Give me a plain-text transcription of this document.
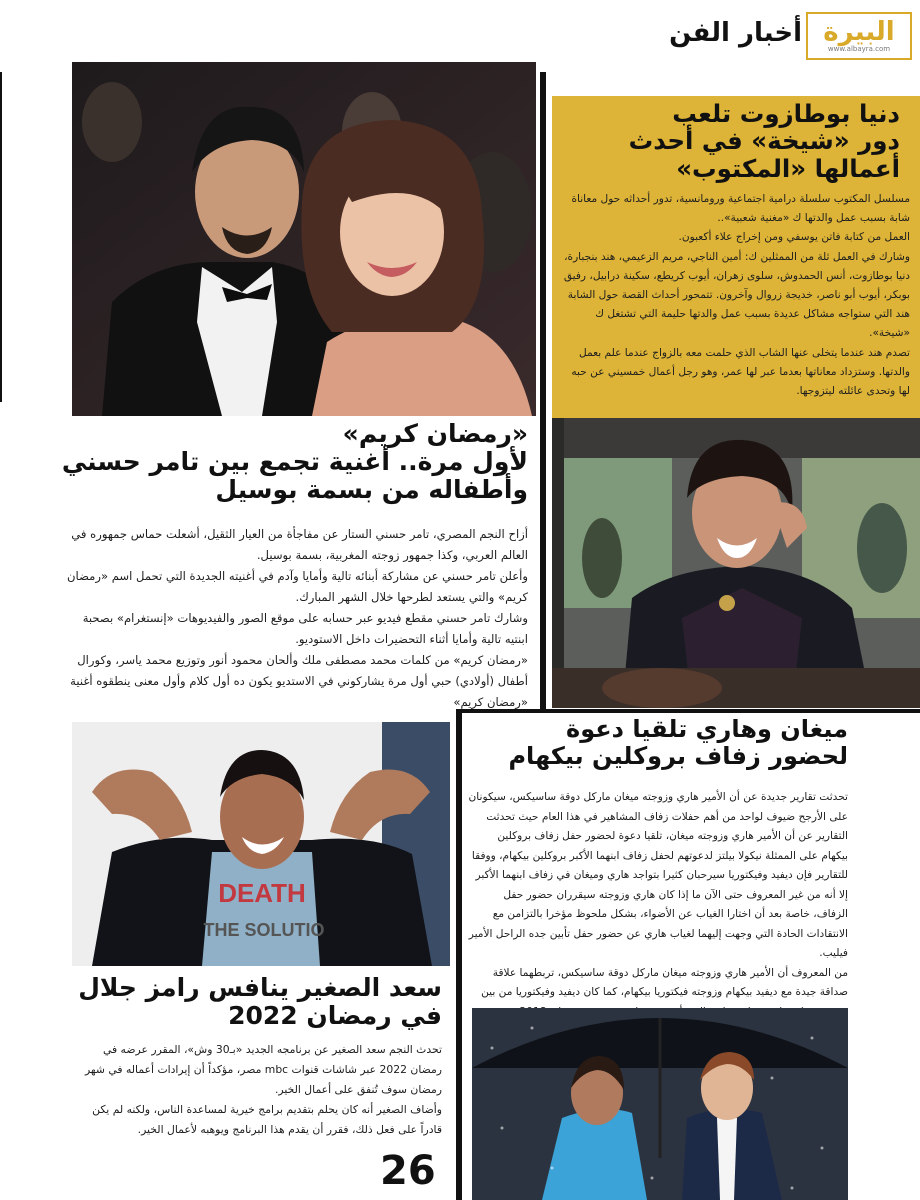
البيرة
www.albayra.com
أخبار الفن
دنيا بوطازوت تلعب
دور «شيخة» في أحدث
أعمالها «المكتوب»

مسلسل المكتوب سلسلة درامية اجتماعية ورومانسية، تدور أحداثه حول معاناة شابة بسبب عمل والدتها ك «مغنية شعبية»..

العمل من كتابة فاتن يوسفي ومن إخراج علاء أكعبون.

وشارك في العمل ثلة من الممثلين ك: أمين الناجي، مريم الزعيمي، هند بنجبارة، دنيا بوطازوت، أنس الحمدوش، سلوى زهران، أيوب كريطع، سكينة درابيل، رفيق بوبكر، أيوب أبو ناصر، خديجة زروال وآخرون. تتمحور أحداث القصة حول الشابة هند التي ستواجه مشاكل عديدة بسبب عمل والدتها حليمة التي تشتغل ك «شيخة».

تصدم هند عندما يتخلى عنها الشاب الذي حلمت معه بالزواج عندما علم بعمل والدتها. وستزداد معاناتها بعدما عبر لها عمر، وهو رجل أعمال خمسيني عن حبه لها وتحدى عائلته ليتزوجها.

«رمضان كريم»
لأول مرة.. أغنية تجمع بين تامر حسني
وأطفاله من بسمة بوسيل

أزاح النجم المصري، تامر حسني الستار عن مفاجأة من العيار الثقيل، أشعلت حماس جمهوره في العالم العربي، وكذا جمهور زوجته المغربية، بسمة بوسيل.

وأعلن تامر حسني عن مشاركة أبنائه تالية وأمايا وآدم في أغنيته الجديدة التي تحمل اسم «رمضان كريم» والتي يستعد لطرحها خلال الشهر المبارك.

وشارك تامر حسني مقطع فيديو عبر حسابه على موقع الصور والفيديوهات «إنستغرام» بصحبة ابنتيه تالية وأمايا أثناء التحضيرات داخل الاستوديو.

«رمضان كريم» من كلمات محمد مصطفى ملك وألحان محمود أنور وتوزيع محمد ياسر، وكورال أطفال (أولادي) حبي أول مرة يشاركوني في الاستديو يكون ده أول كلام وأول معنى ينطقوه أغنية «رمضان كريم»

ميغان وهاري تلقيا دعوة
لحضور زفاف بروكلين بيكهام

تحدثت تقارير جديدة عن أن الأمير هاري وزوجته ميغان ماركل دوقة ساسيكس، سيكونان على الأرجح ضيوف لواحد من أهم حفلات زفاف المشاهير في هذا العام حيث تحدثت التقارير عن أن الأمير هاري وزوجته ميغان، تلقيا دعوة لحضور حفل زفاف بروكلين بيكهام على الممثلة نيكولا بيلتز لدعوتهم لحفل زفاف ابنهما الأكبر بروكلين بيكهام، ووفقا للتقارير فإن ديفيد وفيكتوريا سيرحبان كثيرا بتواجد هاري وميغان في زفاف ابنهما الأكبر إلا أنه من غير المعروف حتى الآن ما إذا كان هاري وزوجته سيقرران حضور حفل الزفاف، خاصة بعد أن اختارا الغياب عن الأضواء، بشكل ملحوظ مؤخرا بالتزامن مع الانتقادات الحادة التي وجهت إليهما لغياب هاري عن حضور حفل تأبين جده الراحل الأمير فيليب.

من المعروف أن الأمير هاري وزوجته ميغان ماركل دوقة ساسيكس، تربطهما علاقة صداقة جيدة مع ديفيد بيكهام وزوجته فيكتوريا بيكهام، كما كان ديفيد وفيكتوريا من بين

DEATH
THE SOLUTIO
سعد الصغير ينافس رامز جلال
في رمضان 2022

تحدث النجم سعد الصغير عن برنامجه الجديد «بـ30 وش»، المقرر عرضه في رمضان 2022 عبر شاشات قنوات mbc مصر، مؤكداً أن إيرادات أعماله في شهر رمضان سوف تُنفق على أعمال الخير.

وأضاف الصغير أنه كان يحلم بتقديم برامج خيرية لمساعدة الناس، ولكنه لم يكن قادراً على فعل ذلك، فقرر أن يقدم هذا البرنامج ويوهبه لأعمال الخير.

26
